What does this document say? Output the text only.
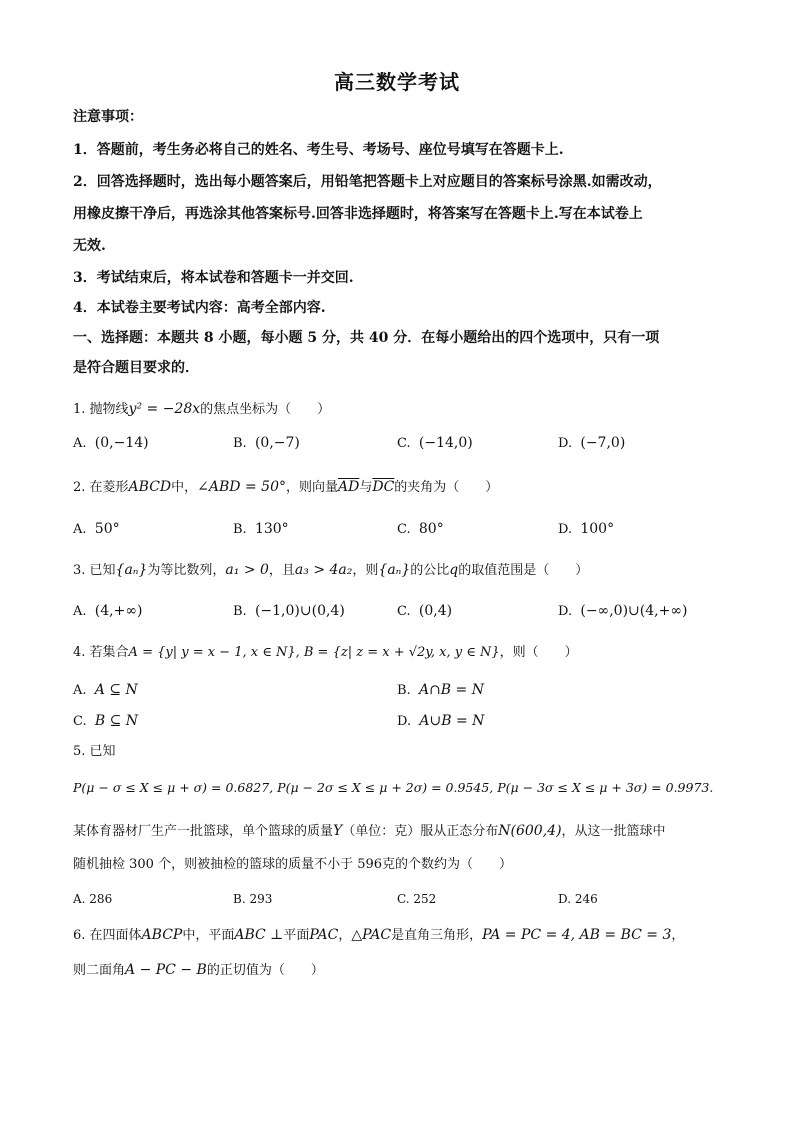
高三数学考试
注意事项：
1．答题前，考生务必将自己的姓名、考生号、考场号、座位号填写在答题卡上.
2．回答选择题时，选出每小题答案后，用铅笔把答题卡上对应题目的答案标号涂黑.如需改动，
用橡皮擦干净后，再选涂其他答案标号.回答非选择题时，将答案写在答题卡上.写在本试卷上
无效.
3．考试结束后，将本试卷和答题卡一并交回.
4．本试卷主要考试内容：高考全部内容.
一、选择题：本题共 8 小题，每小题 5 分，共 40 分．在每小题给出的四个选项中，只有一项
是符合题目要求的．
1. 抛物线y² = −28x的焦点坐标为（　　）
A. (0,−14)	B. (0,−7)	C. (−14,0)	D. (−7,0)
2. 在菱形ABCD中，∠ABD = 50°，则向量$\overline{AD}$与$\overline{DC}$的夹角为（　　）
A. 50°	B. 130°	C. 80°	D. 100°
3. 已知{aₙ}为等比数列，a₁ > 0，且a₃ > 4a₂，则{aₙ}的公比q的取值范围是（　　）
A. (4,+∞)	B. (−1,0)∪(0,4)	C. (0,4)	D. (−∞,0)∪(4,+∞)
4. 若集合A = {y| y = x − 1, x ∈ N}, B = {z| z = x + √2y, x, y ∈ N}，则（　　）
A. A ⊆ N	B. A∩B = N
C. B ⊆ N	D. A∪B = N
5. 已知
P(μ − σ ≤ X ≤ μ + σ) = 0.6827, P(μ − 2σ ≤ X ≤ μ + 2σ) = 0.9545, P(μ − 3σ ≤ X ≤ μ + 3σ) = 0.9973.
某体育器材厂生产一批篮球，单个篮球的质量Y（单位：克）服从正态分布N(600,4)，从这一批篮球中
随机抽检 300 个，则被抽检的篮球的质量不小于 596克的个数约为（　　）
A. 286	B. 293	C. 252	D. 246
6. 在四面体ABCP中，平面ABC ⊥平面PAC，△PAC是直角三角形，PA = PC = 4, AB = BC = 3，
则二面角A − PC − B的正切值为（　　）
